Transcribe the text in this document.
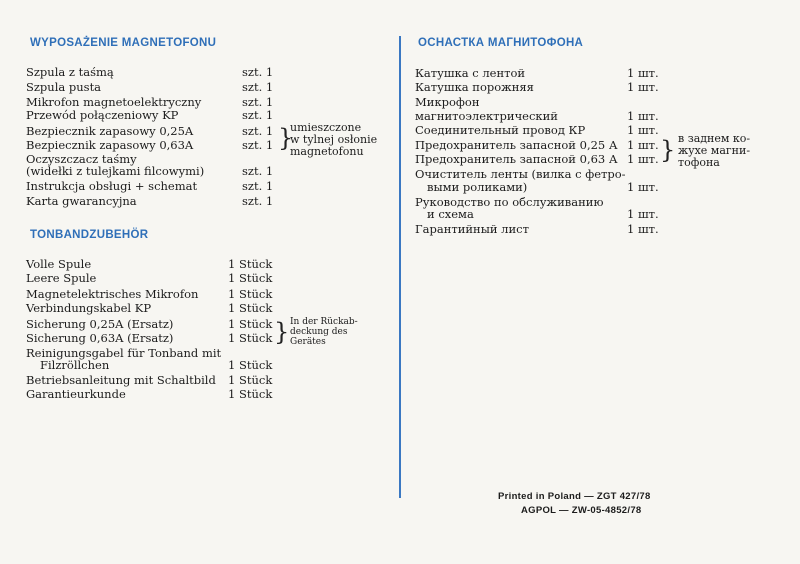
WYPOSAŻENIE MAGNETOFONU
Szpula z taśmą	szt. 1
Szpula pusta	szt. 1
Mikrofon magnetoelektryczny	szt. 1
Przewód połączeniowy KP	szt. 1
Bezpiecznik zapasowy 0,25A	szt. 1
Bezpiecznik zapasowy 0,63A	szt. 1
Oczyszczacz taśmy
(widełki z tulejkami filcowymi)	szt. 1
Instrukcja obsługi + schemat	szt. 1
Karta gwarancyjna	szt. 1
}
umieszczone
w tylnej osłonie
magnetofonu
TONBANDZUBEHÖR
Volle Spule	1 Stück
Leere Spule	1 Stück
Magnetelektrisches Mikrofon	1 Stück
Verbindungskabel KP	1 Stück
Sicherung 0,25A (Ersatz)	1 Stück
Sicherung 0,63A (Ersatz)	1 Stück
Reinigungsgabel für Tonband mit
Filzröllchen	1 Stück
Betriebsanleitung mit Schaltbild 1 Stück
Garantieurkunde	1 Stück
} In der Rückab-
deckung des
Gerätes
ОСНАСТКА МАГНИТОФОНА
Катушка с лентой	1 шт.
Катушка порожняя	1 шт.
Микрофон
магнитоэлектрический	1 шт.
Соединительный провод КР	1 шт.
Предохранитель запасной 0,25 А 1 шт.
Предохранитель запасной 0,63 А 1 шт.
Очиститель ленты (вилка с фетро-
выми роликами)	1 шт.
Руководство по обслуживанию
и схема	1 шт.
Гарантийный лист	1 шт.
} в заднем ко-
жухе магни-
тофона
Printed in Poland — ZGT 427/78
AGPOL — ZW-05-4852/78
